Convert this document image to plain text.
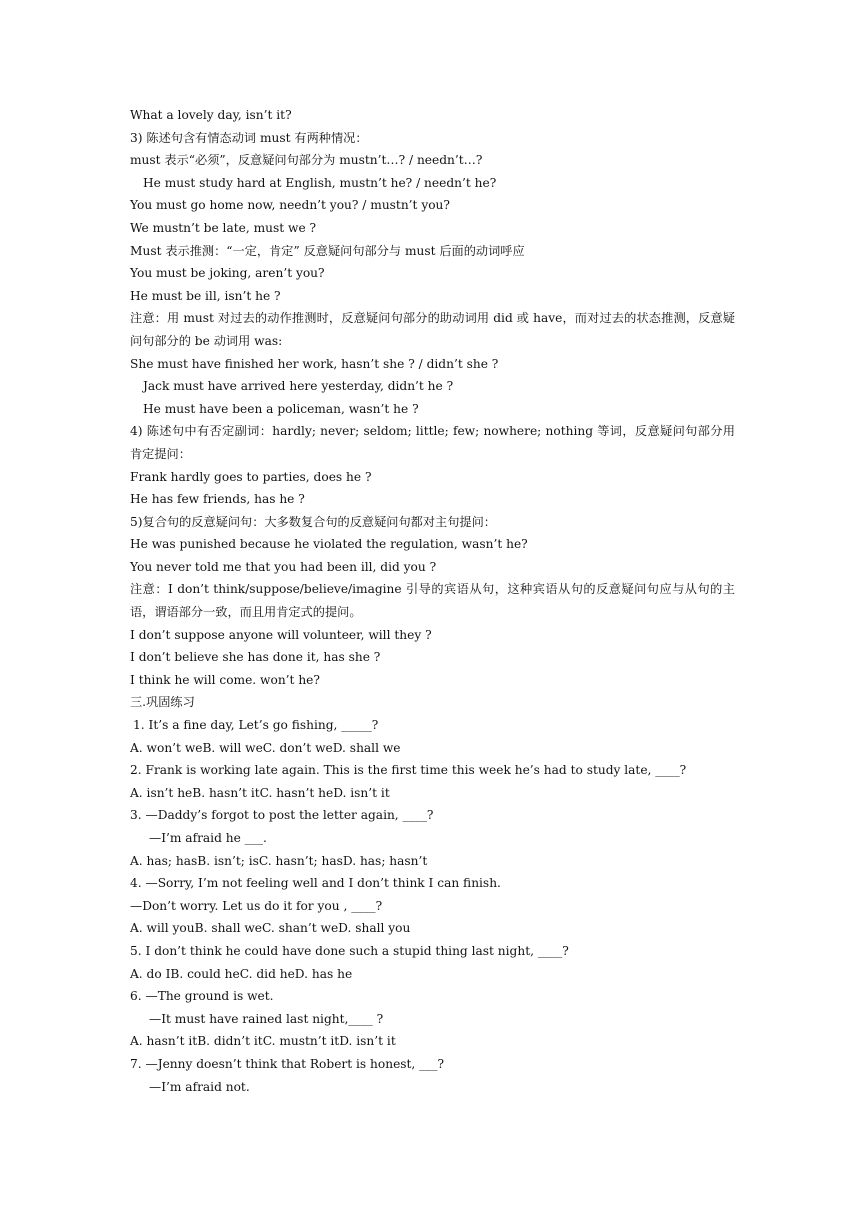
What a lovely day, isn’t it?
3) 陈述句含有情态动词 must 有两种情况：
must 表示“必须”，反意疑问句部分为 mustn’t…? / needn’t…?
He must study hard at English, mustn’t he? / needn’t he?
You must go home now, needn’t you? / mustn’t you?
We mustn’t be late, must we ?
Must 表示推测：“一定，肯定” 反意疑问句部分与 must 后面的动词呼应
You must be joking, aren’t you?
He must be ill, isn’t he ?
注意：用 must 对过去的动作推测时，反意疑问句部分的助动词用 did 或 have，而对过去的状态推测，反意疑问句部分的 be 动词用 was:
She must have finished her work, hasn’t she ? / didn’t she ?
Jack must have arrived here yesterday, didn’t he ?
He must have been a policeman, wasn’t he ?
4) 陈述句中有否定副词：hardly; never; seldom; little; few; nowhere; nothing 等词，反意疑问句部分用肯定提问：
Frank hardly goes to parties, does he ?
He has few friends, has he ?
5)复合句的反意疑问句：大多数复合句的反意疑问句都对主句提问：
He was punished because he violated the regulation, wasn’t he?
You never told me that you had been ill, did you ?
注意：I don’t think/suppose/believe/imagine 引导的宾语从句，这种宾语从句的反意疑问句应与从句的主语，谓语部分一致，而且用肯定式的提问。
I don’t suppose anyone will volunteer, will they ?
I don’t believe she has done it, has she ?
I think he will come. won’t he?
三.巩固练习
1. It’s a fine day, Let’s go fishing, _____?
A. won’t weB. will weC. don’t weD. shall we
2. Frank is working late again. This is the first time this week he’s had to study late, ____?
A. isn’t heB. hasn’t itC. hasn’t heD. isn’t it
3. —Daddy’s forgot to post the letter again, ____?
—I’m afraid he ___.
A. has; hasB. isn’t; isC. hasn’t; hasD. has; hasn’t
4. —Sorry, I’m not feeling well and I don’t think I can finish.
—Don’t worry. Let us do it for you , ____?
A. will youB. shall weC. shan’t weD. shall you
5. I don’t think he could have done such a stupid thing last night, ____?
A. do IB. could heC. did heD. has he
6. —The ground is wet.
—It must have rained last night,____ ?
A. hasn’t itB. didn’t itC. mustn’t itD. isn’t it
7. —Jenny doesn’t think that Robert is honest, ___?
—I’m afraid not.
